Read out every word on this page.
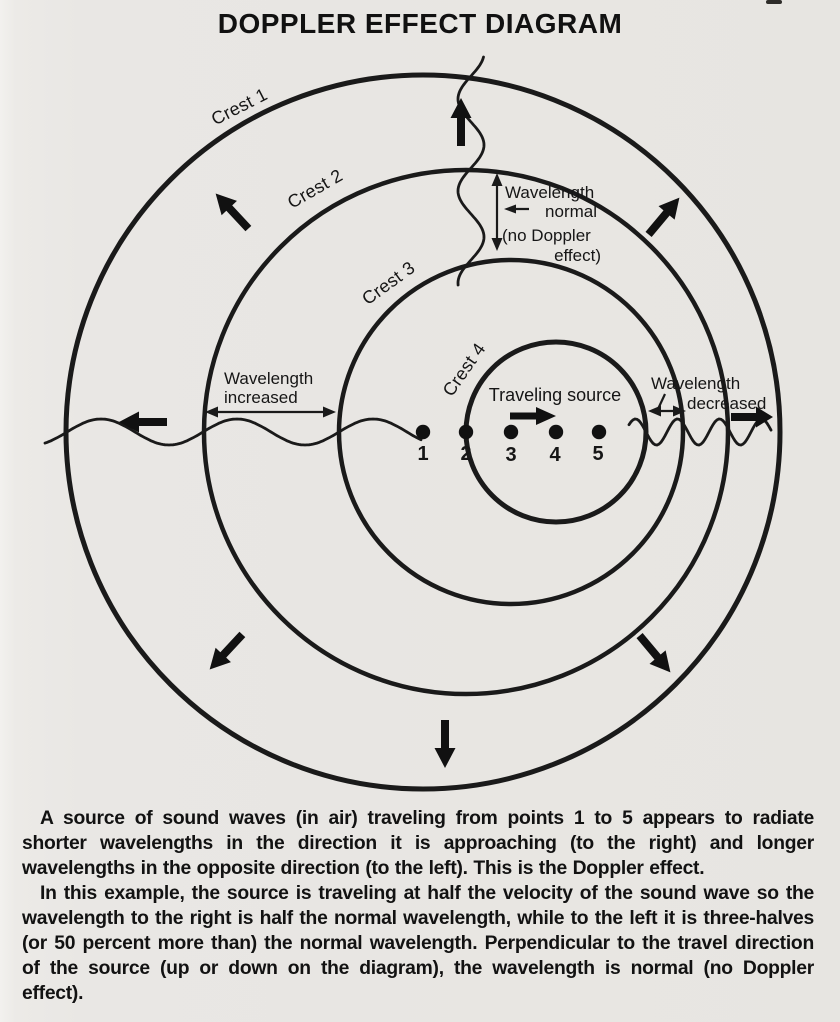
DOPPLER EFFECT DIAGRAM
1 2 3 4 5
Crest 1
Crest 2
Crest 3
Crest 4 Traveling source
Wavelength
increased
Wavelength
decreased
Wavelength
normal
(no Doppler
effect)

A source of sound waves (in air) traveling from points 1 to 5 appears to radiate shorter wavelengths in the direction it is approaching (to the right) and longer wavelengths in the opposite direction (to the left). This is the Doppler effect.

In this example, the source is traveling at half the velocity of the sound wave so the wavelength to the right is half the normal wavelength, while to the left it is three-halves (or 50 percent more than) the normal wavelength. Perpendicular to the travel direction of the source (up or down on the diagram), the wavelength is normal (no Doppler effect).
